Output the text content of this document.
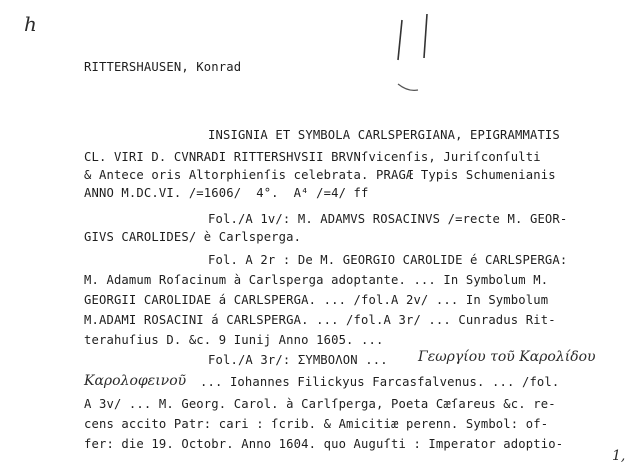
h
RITTERSHAUSEN, Konrad
INSIGNIA ET SYMBOLA CARLSPERGIANA, EPIGRAMMATIS
CL. VIRI D. CVNRADI RITTERSHVSII BRVNſvicenſis, Juriſconſulti
& Antece oris Altorphienſis celebrata. PRAGÆ Typis Schumenianis
ANNO M.DC.VI. /=1606/  4°.  A⁴ /=4/ ff
Fol./A 1v/: M. ADAMVS ROSACINVS /=recte M. GEOR-
GIVS CAROLIDES/ è Carlsperga.
Fol. A 2r : De M. GEORGIO CAROLIDE é CARLSPERGA:
M. Adamum Roſacinum à Carlsperga adoptante. ... In Symbolum M.
GEORGII CAROLIDAE á CARLSPERGA. ... /fol.A 2v/ ... In Symbolum
M.ADAMI ROSACINI á CARLSPERGA. ... /fol.A 3r/ ... Cunradus Rit-
terahuſius D. &c. 9 Iunij Anno 1605. ...
Fol./A 3r/: ΣΥΜΒΟΛΟΝ ... Γεωργίου τοῦ Καρολίδου
Καρολοφεινοῦ ... Iohannes Filickyus Farcasfalvenus. ... /fol.
A 3v/ ... M. Georg. Carol. à Carlſperga, Poeta Cæſareus &c. re-
cens accito Patr: cari : ſcrib. & Amicitiæ perenn. Symbol: of-
fer: die 19. Octobr. Anno 1604. quo Auguſti : Imperator adoptio-
1,
